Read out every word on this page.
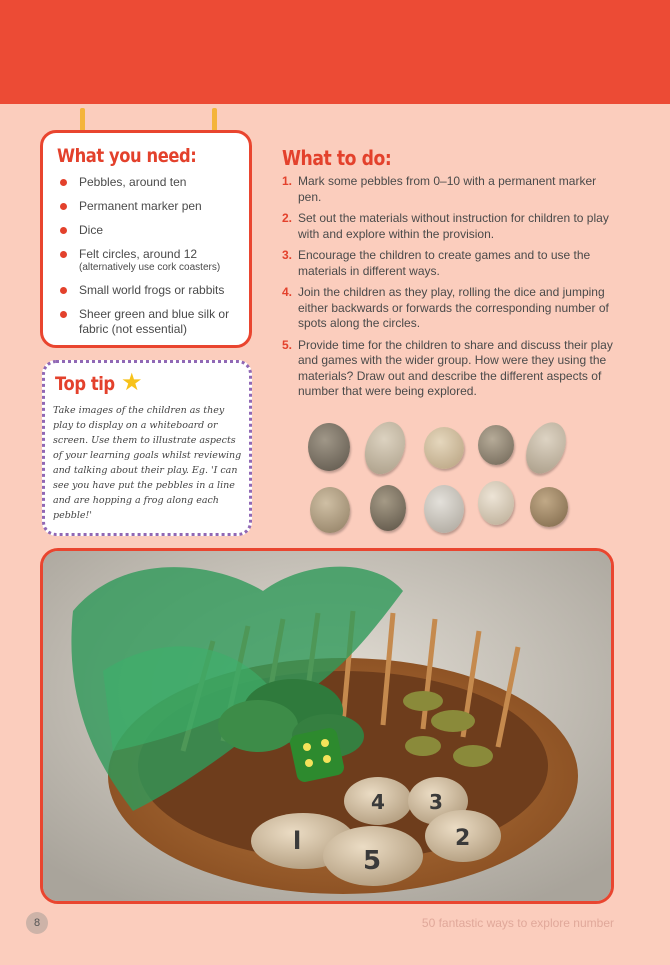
What you need:
Pebbles, around ten
Permanent marker pen
Dice
Felt circles, around 12
(alternatively use cork coasters)
Small world frogs or rabbits
Sheer green and blue silk or fabric (not essential)
Top tip ★
Take images of the children as they play to display on a whiteboard or screen. Use them to illustrate aspects of your learning goals whilst reviewing and talking about their play. Eg. 'I can see you have put the pebbles in a line and are hopping a frog along each pebble!'
What to do:
1. Mark some pebbles from 0–10 with a permanent marker pen.
2. Set out the materials without instruction for children to play with and explore within the provision.
3. Encourage the children to create games and to use the materials in different ways.
4. Join the children as they play, rolling the dice and jumping either backwards or forwards the corresponding number of spots along the circles.
5. Provide time for the children to share and discuss their play and games with the wider group. How were they using the materials? Draw out and describe the different aspects of number that were being explored.
l
5
4 3
2
8	50 fantastic ways to explore number
